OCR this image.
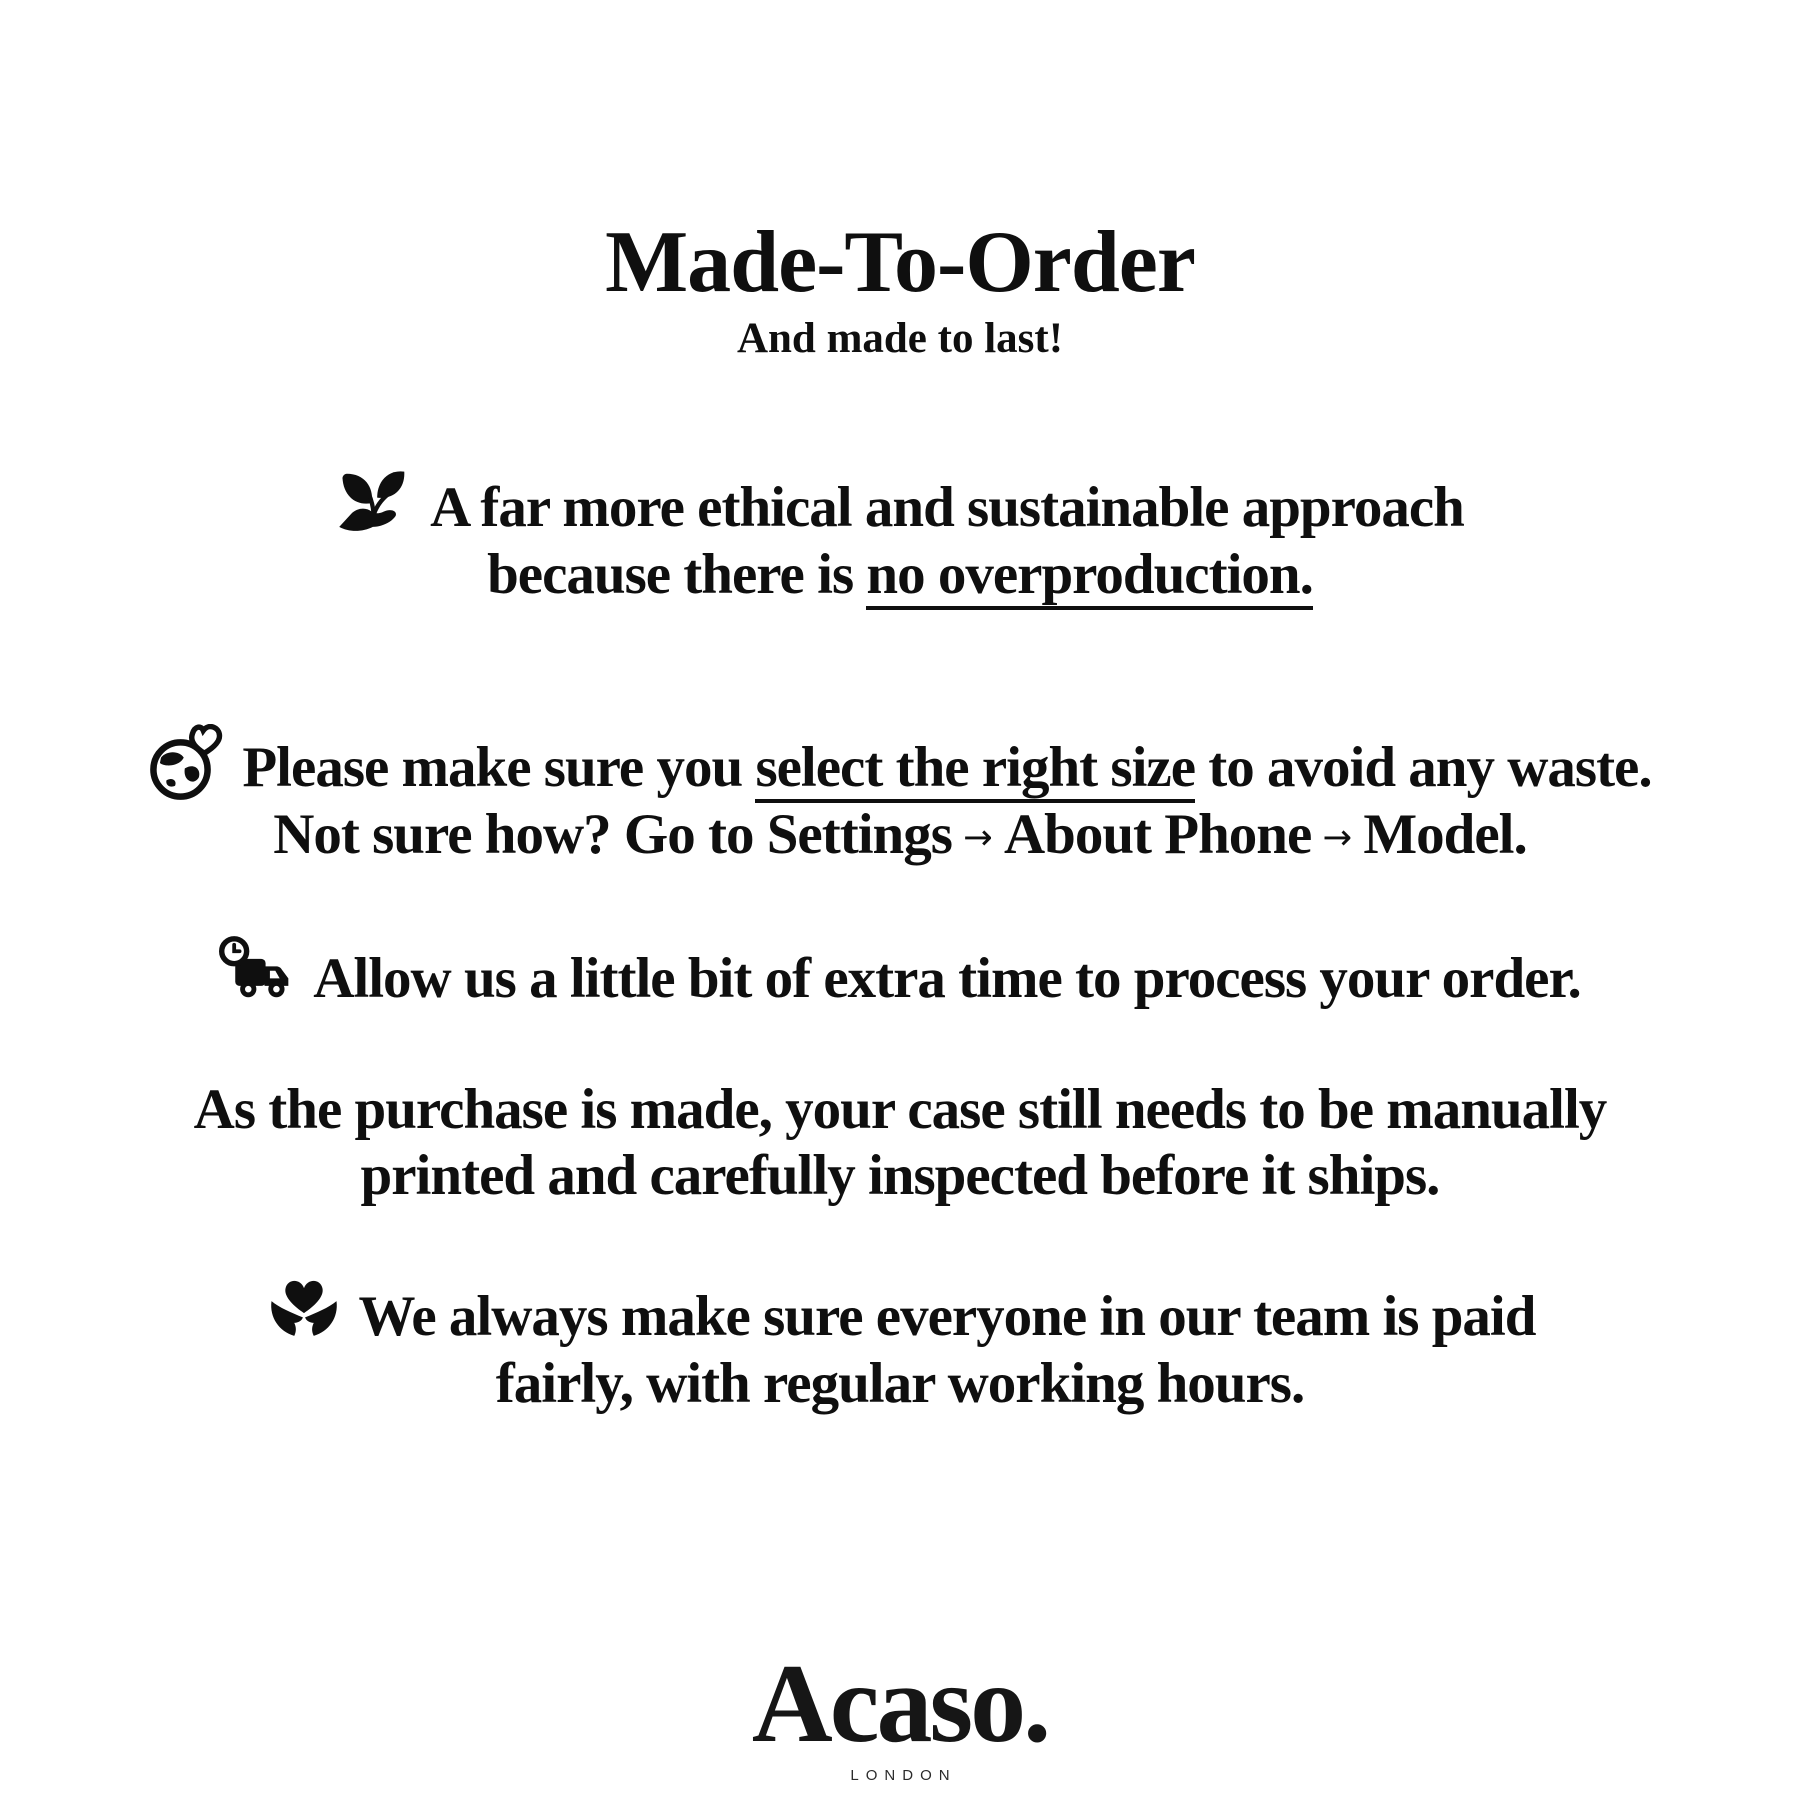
Made-To-Order

And made to last!

A far more ethical and sustainable approach
because there is no overproduction.

Please make sure you select the right size to avoid any waste.
Not sure how? Go to Settings → About Phone → Model.

Allow us a little bit of extra time to process your order.

As the purchase is made, your case still needs to be manually
printed and carefully inspected before it ships.

We always make sure everyone in our team is paid
fairly, with regular working hours.

Acaso.
LONDON
